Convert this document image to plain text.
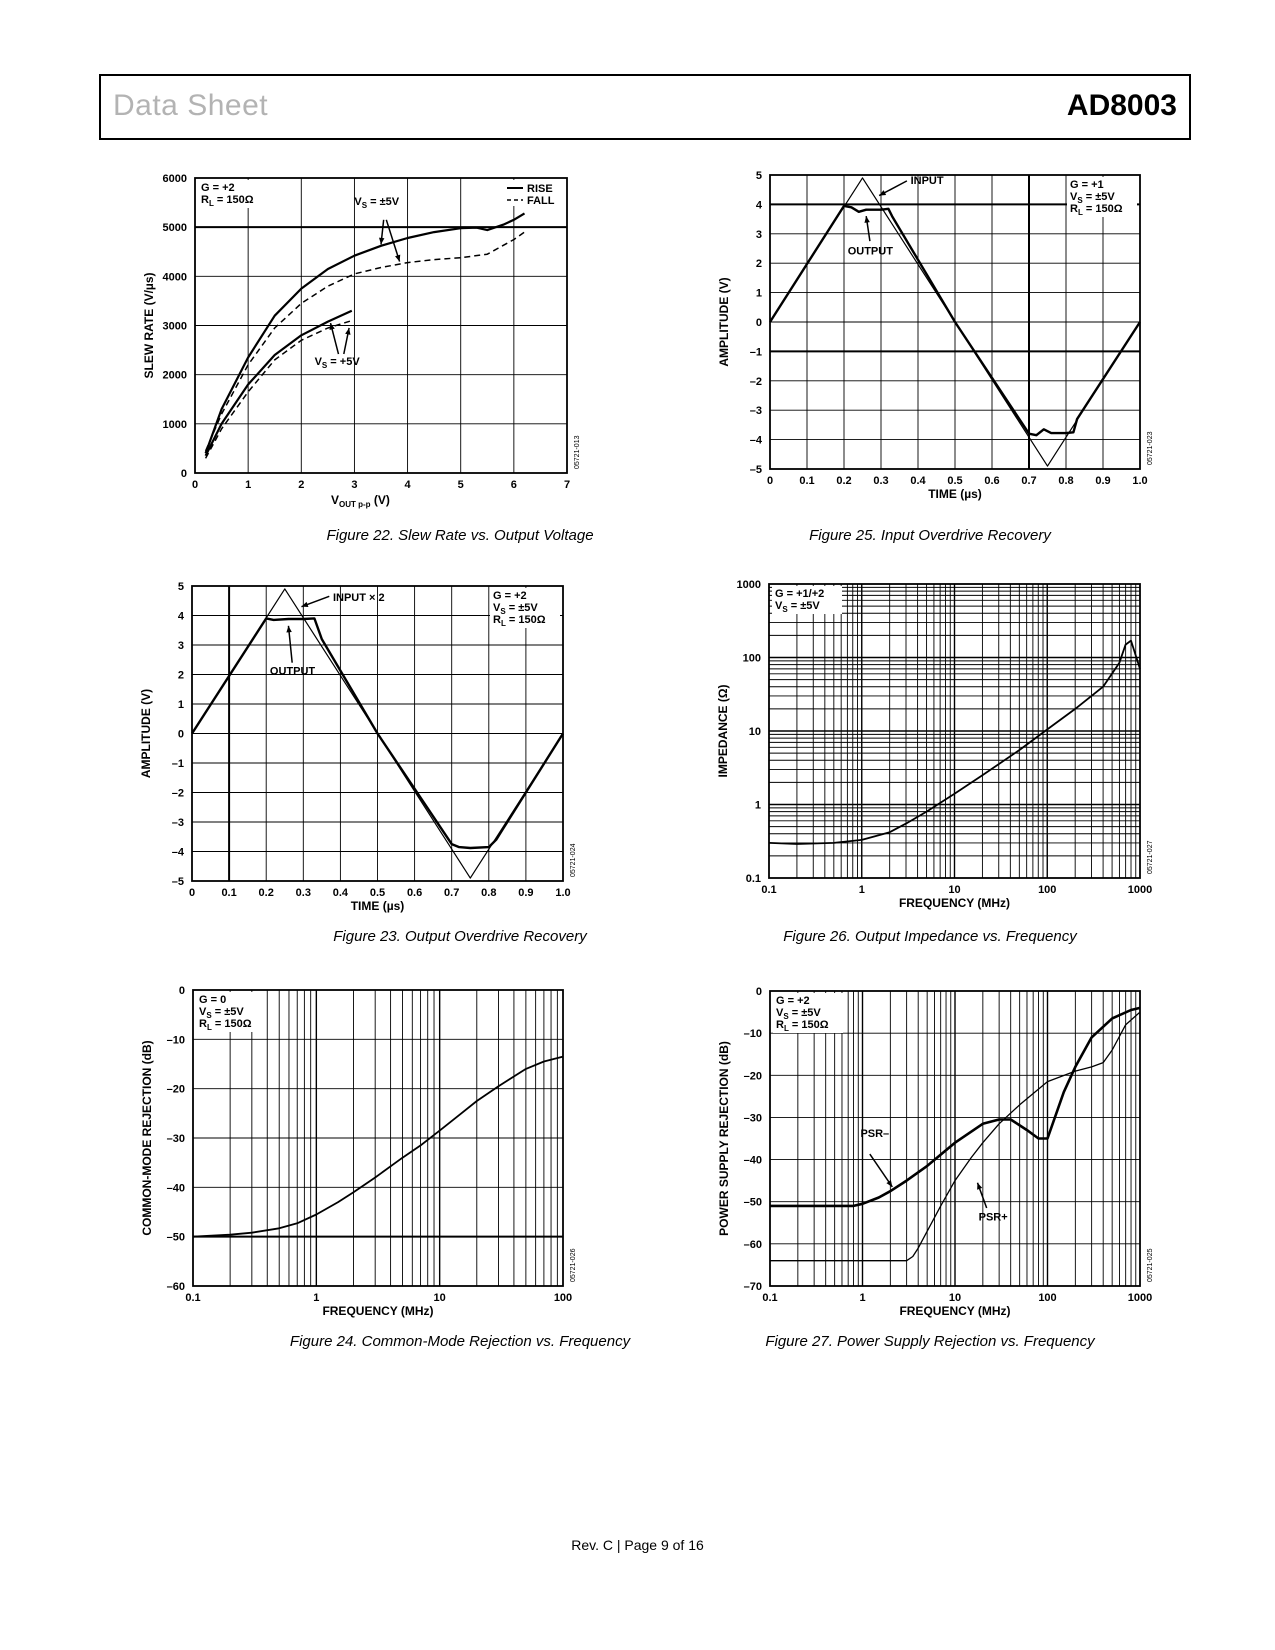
Data Sheet	AD8003
Rev. C | Page 9 of 16
0	1	2	3	4	5	6	7
0
1000
2000
3000
4000
5000
6000
$V_{OUT p-p}$ (V)
SLEW RATE (V/µs)
05721-013
G = +2
$R_L = 150\Omega$	$V_S = \pm 5V$
$V_S = +5V$
RISE
FALL
0 0.1 0.2 0.3 0.4 0.5 0.6 0.7 0.8 0.9 1.0
–5
–4
–3
–2
–1
0
1
2
3
4
5
TIME (µs)
AMPLITUDE (V)
05721-024
G = +2
$V_S = \pm 5V$
$R_L = 150\Omega$
INPUT × 2
OUTPUT
0.1	1	10	100
–60
–50
–40
–30
–20
–10
0
FREQUENCY (MHz)
COMMON-MODE REJECTION (dB)
05721-026
G = 0
$V_S = \pm 5V$
$R_L = 150\Omega$
0 0.1 0.2 0.3 0.4 0.5 0.6 0.7 0.8 0.9 1.0
–5
–4
–3
–2
–1
0
1
2
3
4
5
TIME (µs)
AMPLITUDE (V)
05721-023
G = +1
$V_S = \pm 5V$
$R_L = 150\Omega$
INPUT
OUTPUT
0.1	1	10	100	1000
0.1
1
10
100
1000
FREQUENCY (MHz)
IMPEDANCE (Ω)
05721-027
G = +1/+2
$V_S = \pm 5V$
0.1	1	10	100	1000
–70
–60
–50
–40
–30
–20
–10
0
FREQUENCY (MHz)
POWER SUPPLY REJECTION (dB)
05721-025
G = +2
$V_S = \pm 5V$
$R_L = 150\Omega$
PSR–
PSR+
Figure 22. Slew Rate vs. Output Voltage
Figure 23. Output Overdrive Recovery
Figure 24. Common-Mode Rejection vs. Frequency
Figure 25. Input Overdrive Recovery
Figure 26. Output Impedance vs. Frequency
Figure 27. Power Supply Rejection vs. Frequency
